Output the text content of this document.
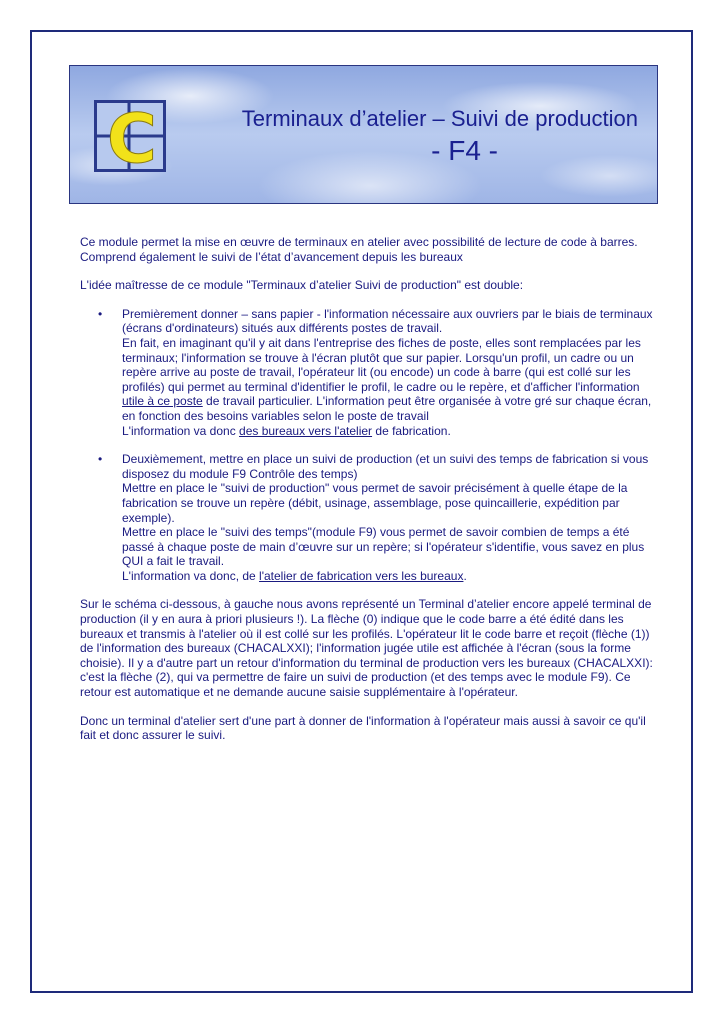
C	Terminaux d’atelier – Suivi de production
- F4 -

Ce module permet la mise en œuvre de terminaux en atelier avec possibilité de lecture de code à barres.
Comprend également le suivi de l’état d’avancement depuis les bureaux

L'idée maîtresse de ce module "Terminaux d’atelier Suivi de production" est double:

• Premièrement donner – sans papier - l'information nécessaire aux ouvriers par le biais de terminaux (écrans d'ordinateurs) situés aux différents postes de travail.
En fait, en imaginant qu'il y ait dans l'entreprise des fiches de poste, elles sont remplacées par les terminaux; l'information se trouve à l'écran plutôt que sur papier. Lorsqu'un profil, un cadre ou un repère arrive au poste de travail, l'opérateur lit (ou encode) un code à barre (qui est collé sur les profilés) qui permet au terminal d'identifier le profil, le cadre ou le repère, et d'afficher l'information utile à ce poste de travail particulier. L'information peut être organisée à votre gré sur chaque écran, en fonction des besoins variables selon le poste de travail
L'information va donc des bureaux vers l'atelier de fabrication.
• Deuxièmement, mettre en place un suivi de production (et un suivi des temps de fabrication si vous disposez du module F9 Contrôle des temps)
Mettre en place le "suivi de production" vous permet de savoir précisément à quelle étape de la fabrication se trouve un repère (débit, usinage, assemblage, pose quincaillerie, expédition par exemple).
Mettre en place le "suivi des temps"(module F9) vous permet de savoir combien de temps a été passé à chaque poste de main d’œuvre sur un repère; si l'opérateur s'identifie, vous savez en plus QUI a fait le travail.
L'information va donc, de l'atelier de fabrication vers les bureaux.

Sur le schéma ci-dessous, à gauche nous avons représenté un Terminal d’atelier encore appelé terminal de production (il y en aura à priori plusieurs !). La flèche (0) indique que le code barre a été édité dans les bureaux et transmis à l'atelier où il est collé sur les profilés. L'opérateur lit le code barre et reçoit (flèche (1)) de l'information des bureaux (CHACALXXI); l'information jugée utile est affichée à l'écran (sous la forme choisie). Il y a d'autre part un retour d'information du terminal de production vers les bureaux (CHACALXXI): c'est la flèche (2), qui va permettre de faire un suivi de production (et des temps avec le module F9). Ce retour est automatique et ne demande aucune saisie supplémentaire à l'opérateur.

Donc un terminal d'atelier sert d'une part à donner de l'information à l'opérateur mais aussi à savoir ce qu'il fait et donc assurer le suivi.
